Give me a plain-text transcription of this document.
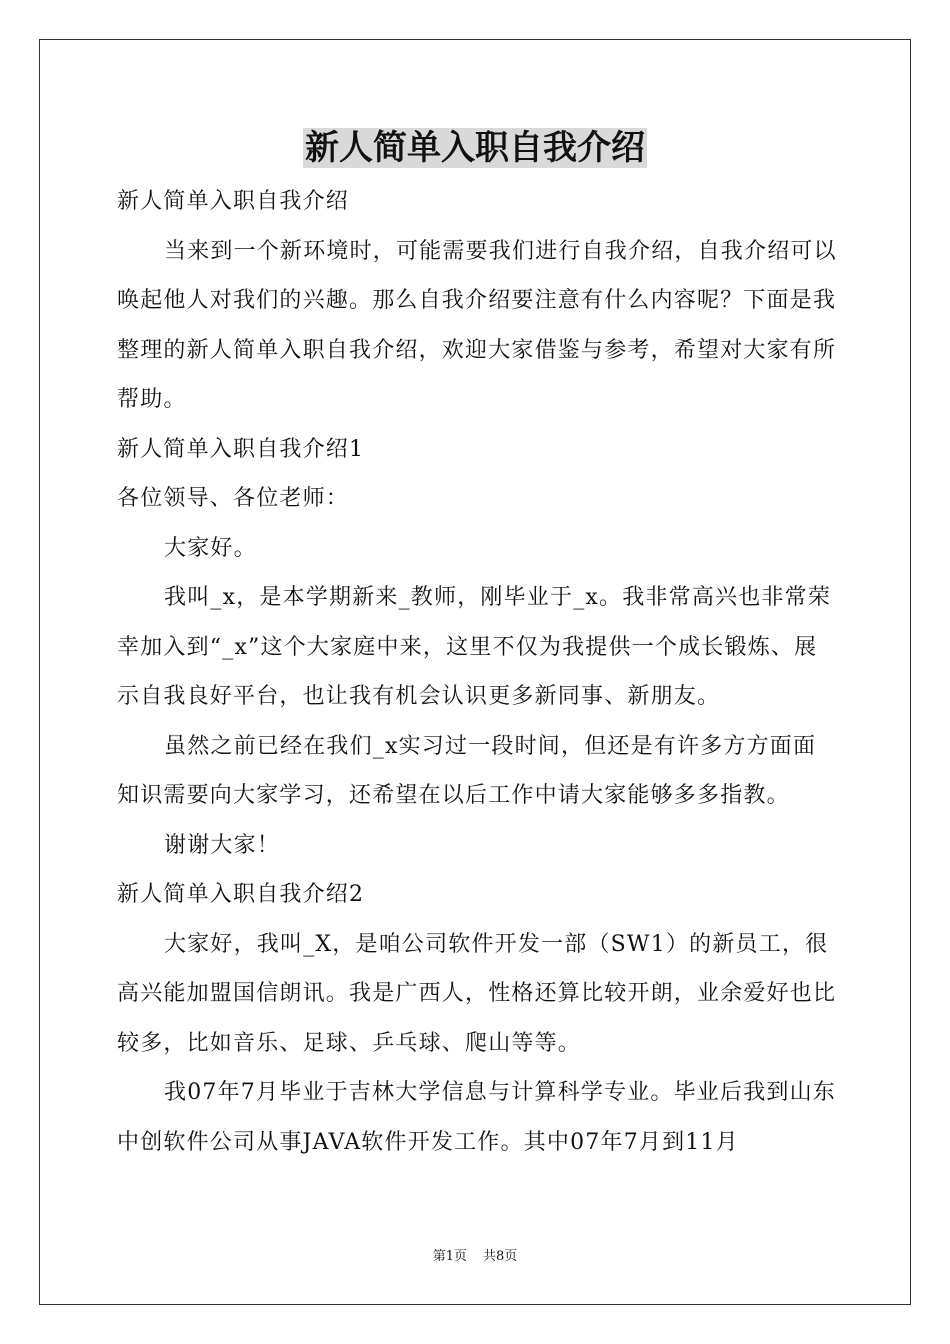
新人简单入职自我介绍

新人简单入职自我介绍

当来到一个新环境时，可能需要我们进行自我介绍，自我介绍可以唤起他人对我们的兴趣。那么自我介绍要注意有什么内容呢？下面是我整理的新人简单入职自我介绍，欢迎大家借鉴与参考，希望对大家有所帮助。

新人简单入职自我介绍1

各位领导、各位老师：

大家好。

我叫_x，是本学期新来_教师，刚毕业于_x。我非常高兴也非常荣幸加入到“_x”这个大家庭中来，这里不仅为我提供一个成长锻炼、展示自我良好平台，也让我有机会认识更多新同事、新朋友。

虽然之前已经在我们_x实习过一段时间，但还是有许多方方面面知识需要向大家学习，还希望在以后工作中请大家能够多多指教。

谢谢大家！

新人简单入职自我介绍2

大家好，我叫_X，是咱公司软件开发一部（SW1）的新员工，很高兴能加盟国信朗讯。我是广西人，性格还算比较开朗，业余爱好也比较多，比如音乐、足球、乒乓球、爬山等等。

我07年7月毕业于吉林大学信息与计算科学专业。毕业后我到山东中创软件公司从事JAVA软件开发工作。其中07年7月到11月

第1页 共8页
